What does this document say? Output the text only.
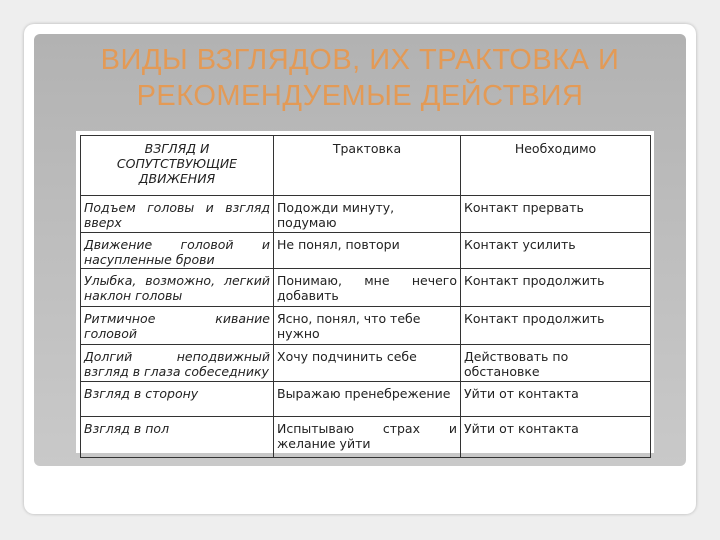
ВИДЫ ВЗГЛЯДОВ, ИХ ТРАКТОВКА И РЕКОМЕНДУЕМЫЕ ДЕЙСТВИЯ
ВЗГЛЯД И СОПУТСТВУЮЩИЕ ДВИЖЕНИЯ	Трактовка	Необходимо
Подъем головы и взгляд вверх	Подожди минуту, подумаю	Контакт прервать
Движение головой и насупленные брови	Не понял, повтори	Контакт усилить
Улыбка, возможно, легкий наклон головы	Понимаю, мне нечего добавить	Контакт продолжить
Ритмичное кивание головой	Ясно, понял, что тебе нужно	Контакт продолжить
Долгий неподвижный взгляд в глаза собеседнику	Хочу подчинить себе	Действовать по обстановке
Взгляд в сторону	Выражаю пренебрежение	Уйти от контакта
Взгляд в пол	Испытываю страх и желание уйти	Уйти от контакта
